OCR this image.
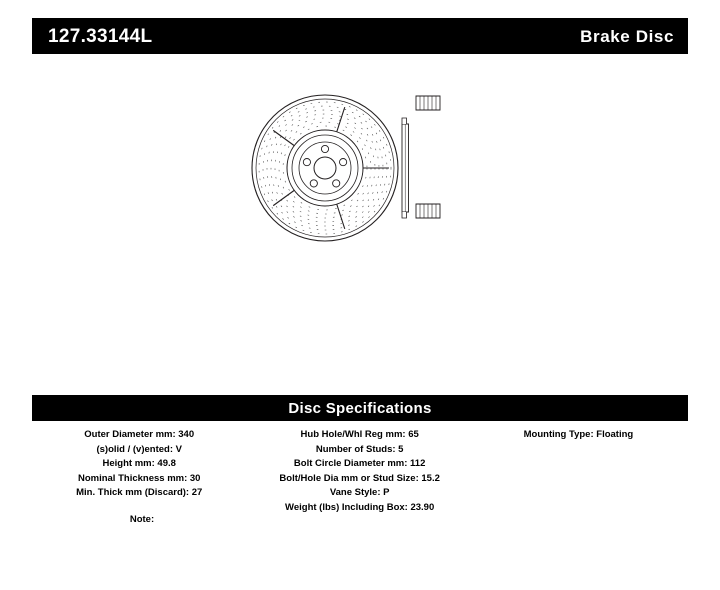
127.33144L	Brake Disc
Disc Specifications
Outer Diameter mm: 340
(s)olid / (v)ented: V
Height mm: 49.8
Nominal Thickness mm: 30
Min. Thick mm (Discard): 27
Hub Hole/Whl Reg mm: 65
Number of Studs: 5
Bolt Circle Diameter mm: 112
Bolt/Hole Dia mm or Stud Size: 15.2
Vane Style: P
Weight (lbs) Including Box: 23.90
Mounting Type: Floating
Note:
